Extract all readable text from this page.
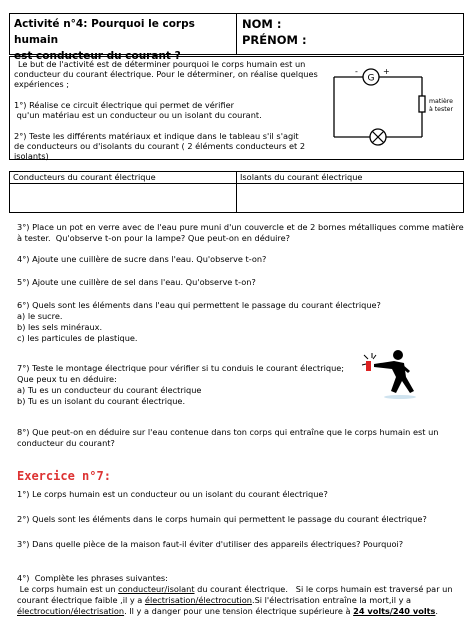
Activité n°4: Pourquoi le corps humain
est conducteur du courant ?
NOM :
PRÉNOM :
Le but de l'activité est de déterminer pourquoi le corps humain est un
conducteur du courant électrique. Pour le déterminer, on réalise quelques
expériences ;
1°) Réalise ce circuit électrique qui permet de vérifier
qu'un matériau est un conducteur ou un isolant du courant.
2°) Teste les différents matériaux et indique dans le tableau s'il s'agit
de conducteurs ou d'isolants du courant ( 2 éléments conducteurs et 2
isolants)
G
-	+
matière
à tester
Conducteurs du courant électrique	Isolants du courant électrique
3°) Place un pot en verre avec de l'eau pure muni d'un couvercle et de 2 bornes métalliques comme matière
à tester.  Qu'observe t-on pour la lampe? Que peut-on en déduire?
4°) Ajoute une cuillère de sucre dans l'eau. Qu'observe t-on?
5°) Ajoute une cuillère de sel dans l'eau. Qu'observe t-on?
6°) Quels sont les éléments dans l'eau qui permettent le passage du courant électrique?
a) le sucre.
b) les sels minéraux.
c) les particules de plastique.
7°) Teste le montage électrique pour vérifier si tu conduis le courant électrique;
Que peux tu en déduire:
a) Tu es un conducteur du courant électrique
b) Tu es un isolant du courant électrique.
8°) Que peut-on en déduire sur l'eau contenue dans ton corps qui entraîne que le corps humain est un
conducteur du courant?
Exercice n°7:
1°) Le corps humain est un conducteur ou un isolant du courant électrique?
2°) Quels sont les éléments dans le corps humain qui permettent le passage du courant électrique?
3°) Dans quelle pièce de la maison faut-il éviter d'utiliser des appareils électriques? Pourquoi?
4°)  Complète les phrases suivantes:
Le corps humain est un conducteur/isolant du courant électrique.   Si le corps humain est traversé par un
courant électrique faible ,il y a électrisation/électrocution.Si l'électrisation entraîne la mort,il y a
électrocution/électrisation. Il y a danger pour une tension électrique supérieure à 24 volts/240 volts.
